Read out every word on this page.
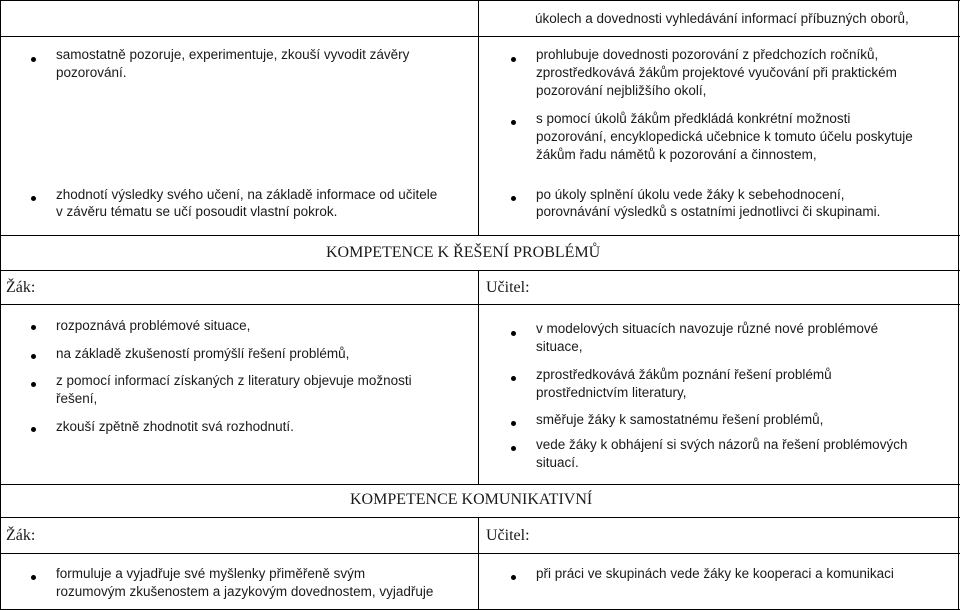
úkolech a dovednosti vyhledávání informací příbuzných oborů,
samostatně pozoruje, experimentuje, zkouší vyvodit závěry
pozorování.
zhodnotí výsledky svého učení, na základě informace od učitele
v závěru tématu se učí posoudit vlastní pokrok.
prohlubuje dovednosti pozorování z předchozích ročníků,
zprostředkovává žákům projektové vyučování při praktickém
pozorování nejbližšího okolí,
s pomocí úkolů žákům předkládá konkrétní možnosti
pozorování, encyklopedická učebnice k tomuto účelu poskytuje
žákům řadu námětů k pozorování a činnostem,
po úkoly splnění úkolu vede žáky k sebehodnocení,
porovnávání výsledků s ostatními jednotlivci či skupinami.
KOMPETENCE K ŘEŠENÍ PROBLÉMŮ
Žák:	Učitel:
rozpoznává problémové situace,
na základě zkušeností promýšlí řešení problémů,
z pomocí informací získaných z literatury objevuje možnosti
řešení,
zkouší zpětně zhodnotit svá rozhodnutí.
v modelových situacích navozuje různé nové problémové
situace,
zprostředkovává žákům poznání řešení problémů
prostřednictvím literatury,
směřuje žáky k samostatnému řešení problémů,
vede žáky k obhájení si svých názorů na řešení problémových
situací.
KOMPETENCE KOMUNIKATIVNÍ
Žák:	Učitel:
formuluje a vyjadřuje své myšlenky přiměřeně svým
rozumovým zkušenostem a jazykovým dovednostem, vyjadřuje
při práci ve skupinách vede žáky ke kooperaci a komunikaci
